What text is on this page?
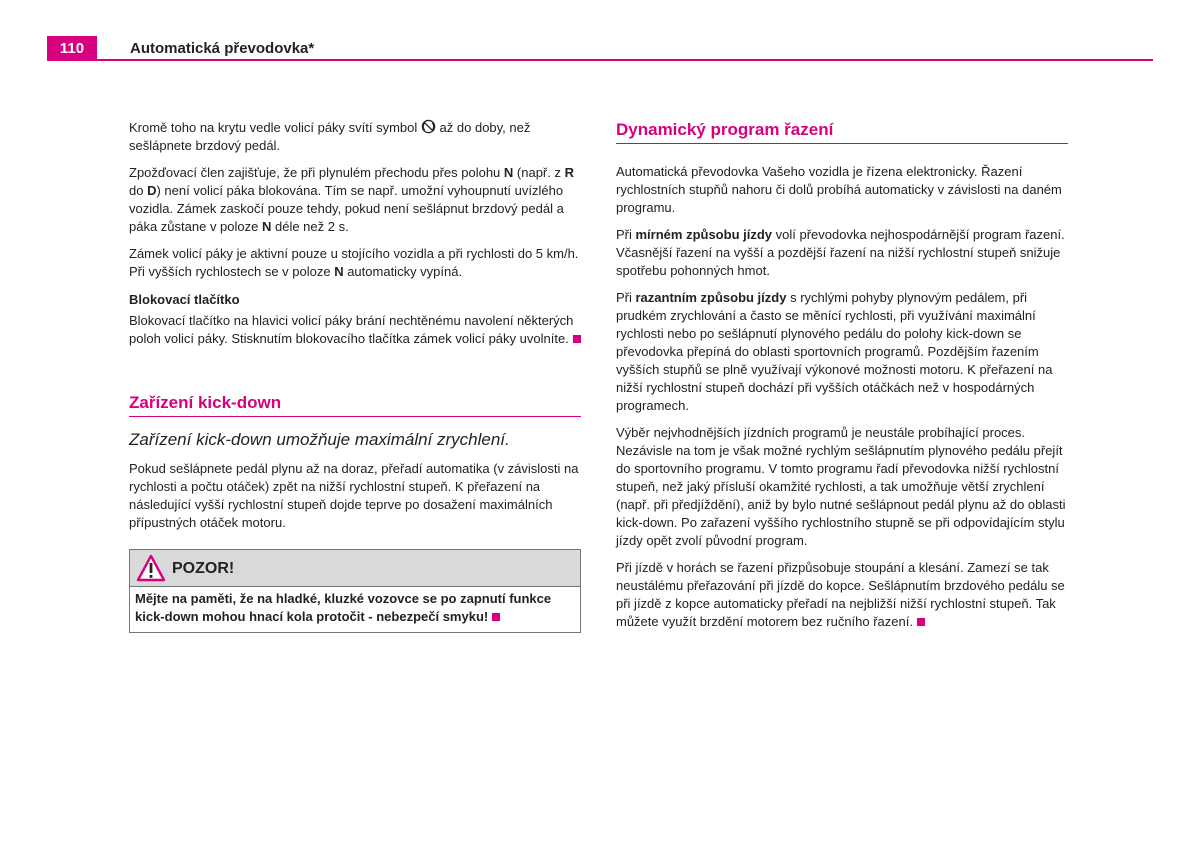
110	Automatická převodovka*

Kromě toho na krytu vedle volicí páky svítí symbol až do doby, než sešlápnete brzdový pedál.

Zpožďovací člen zajišťuje, že při plynulém přechodu přes polohu N (např. z R do D) není volicí páka blokována. Tím se např. umožní vyhoupnutí uvízlého vozidla. Zámek zaskočí pouze tehdy, pokud není sešlápnut brzdový pedál a páka zůstane v poloze N déle než 2 s.

Zámek volicí páky je aktivní pouze u stojícího vozidla a při rychlosti do 5 km/h. Při vyšších rychlostech se v poloze N automaticky vypíná.

Blokovací tlačítko

Blokovací tlačítko na hlavici volicí páky brání nechtěnému navolení některých poloh volicí páky. Stisknutím blokovacího tlačítka zámek volicí páky uvolníte.

Zařízení kick-down

Zařízení kick-down umožňuje maximální zrychlení.

Pokud sešlápnete pedál plynu až na doraz, přeřadí automatika (v závislosti na rychlosti a počtu otáček) zpět na nižší rychlostní stupeň. K přeřazení na následující vyšší rychlostní stupeň dojde teprve po dosažení maximálních přípustných otáček motoru.

POZOR!
Mějte na paměti, že na hladké, kluzké vozovce se po zapnutí funkce kick-down mohou hnací kola protočit - nebezpečí smyku!
Dynamický program řazení

Automatická převodovka Vašeho vozidla je řízena elektronicky. Řazení rychlostních stupňů nahoru či dolů probíhá automaticky v závislosti na daném programu.

Při mírném způsobu jízdy volí převodovka nejhospodárnější program řazení. Včasnější řazení na vyšší a pozdější řazení na nižší rychlostní stupeň snižuje spotřebu pohonných hmot.

Při razantním způsobu jízdy s rychlými pohyby plynovým pedálem, při prudkém zrychlování a často se měnící rychlosti, při využívání maximální rychlosti nebo po sešlápnutí plynového pedálu do polohy kick-down se převodovka přepíná do oblasti sportovních programů. Pozdějším řazením vyšších stupňů se plně využívají výkonové možnosti motoru. K přeřazení na nižší rychlostní stupeň dochází při vyšších otáčkách než v hospodárných programech.

Výběr nejvhodnějších jízdních programů je neustále probíhající proces. Nezávisle na tom je však možné rychlým sešlápnutím plynového pedálu přejít do sportovního programu. V tomto programu řadí převodovka nižší rychlostní stupeň, než jaký přísluší okamžité rychlosti, a tak umožňuje větší zrychlení (např. při předjíždění), aniž by bylo nutné sešlápnout pedál plynu až do oblasti kick-down. Po zařazení vyššího rychlostního stupně se při odpovídajícím stylu jízdy opět zvolí původní program.

Při jízdě v horách se řazení přizpůsobuje stoupání a klesání. Zamezí se tak neustálému přeřazování při jízdě do kopce. Sešlápnutím brzdového pedálu se při jízdě z kopce automaticky přeřadí na nejbližší nižší rychlostní stupeň. Tak můžete využít brzdění motorem bez ručního řazení.
